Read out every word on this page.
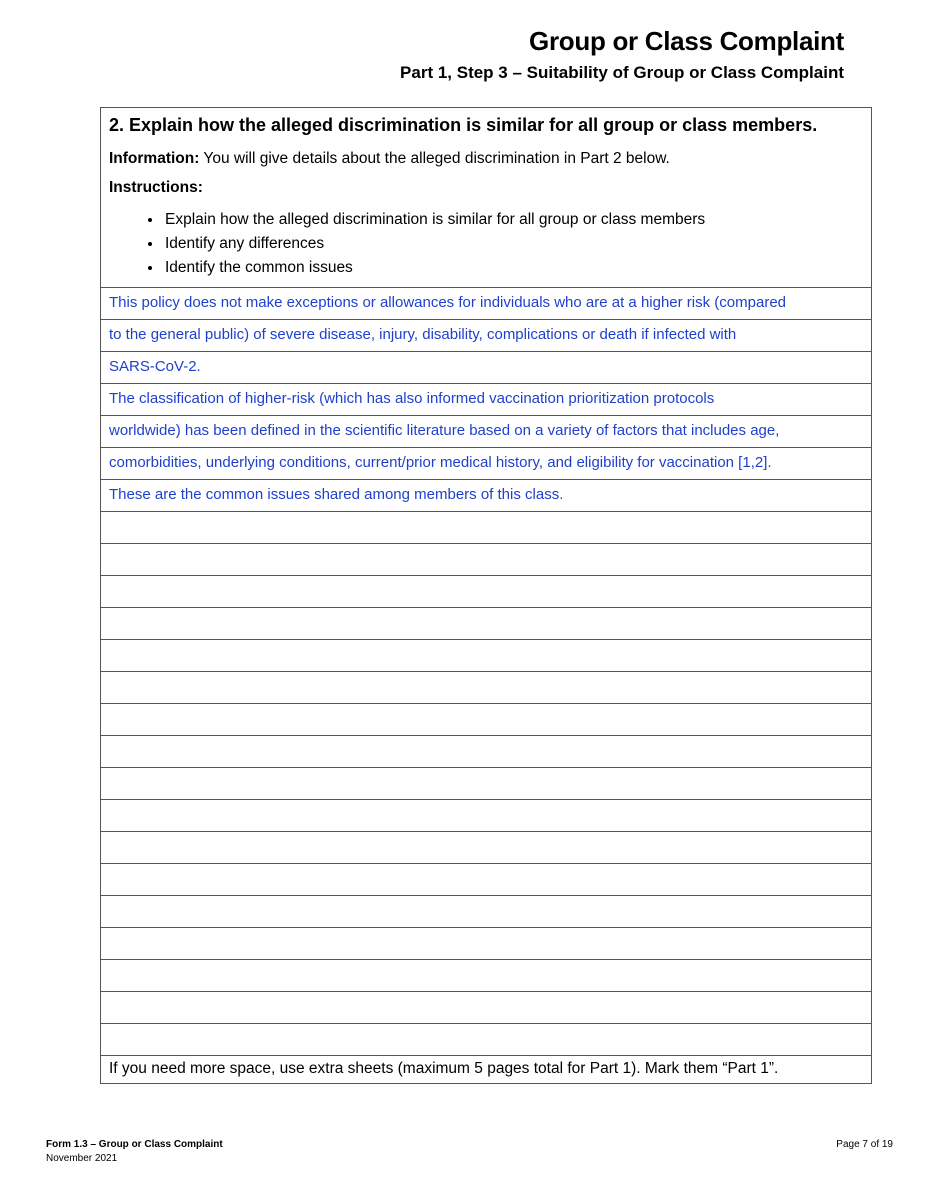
Group or Class Complaint
Part 1, Step 3 – Suitability of Group or Class Complaint

2. Explain how the alleged discrimination is similar for all group or class members.

Information: You will give details about the alleged discrimination in Part 2 below.
Instructions:
• Explain how the alleged discrimination is similar for all group or class members
• Identify any differences
• Identify the common issues
This policy does not make exceptions or allowances for individuals who are at a higher risk (compared
to the general public) of severe disease, injury, disability, complications or death if infected with
SARS-CoV-2.
The classification of higher-risk (which has also informed vaccination prioritization protocols
worldwide) has been defined in the scientific literature based on a variety of factors that includes age,
comorbidities, underlying conditions, current/prior medical history, and eligibility for vaccination [1,2].
These are the common issues shared among members of this class.
If you need more space, use extra sheets (maximum 5 pages total for Part 1). Mark them “Part 1”.
Form 1.3 – Group or Class Complaint
November 2021
Page 7 of 19
